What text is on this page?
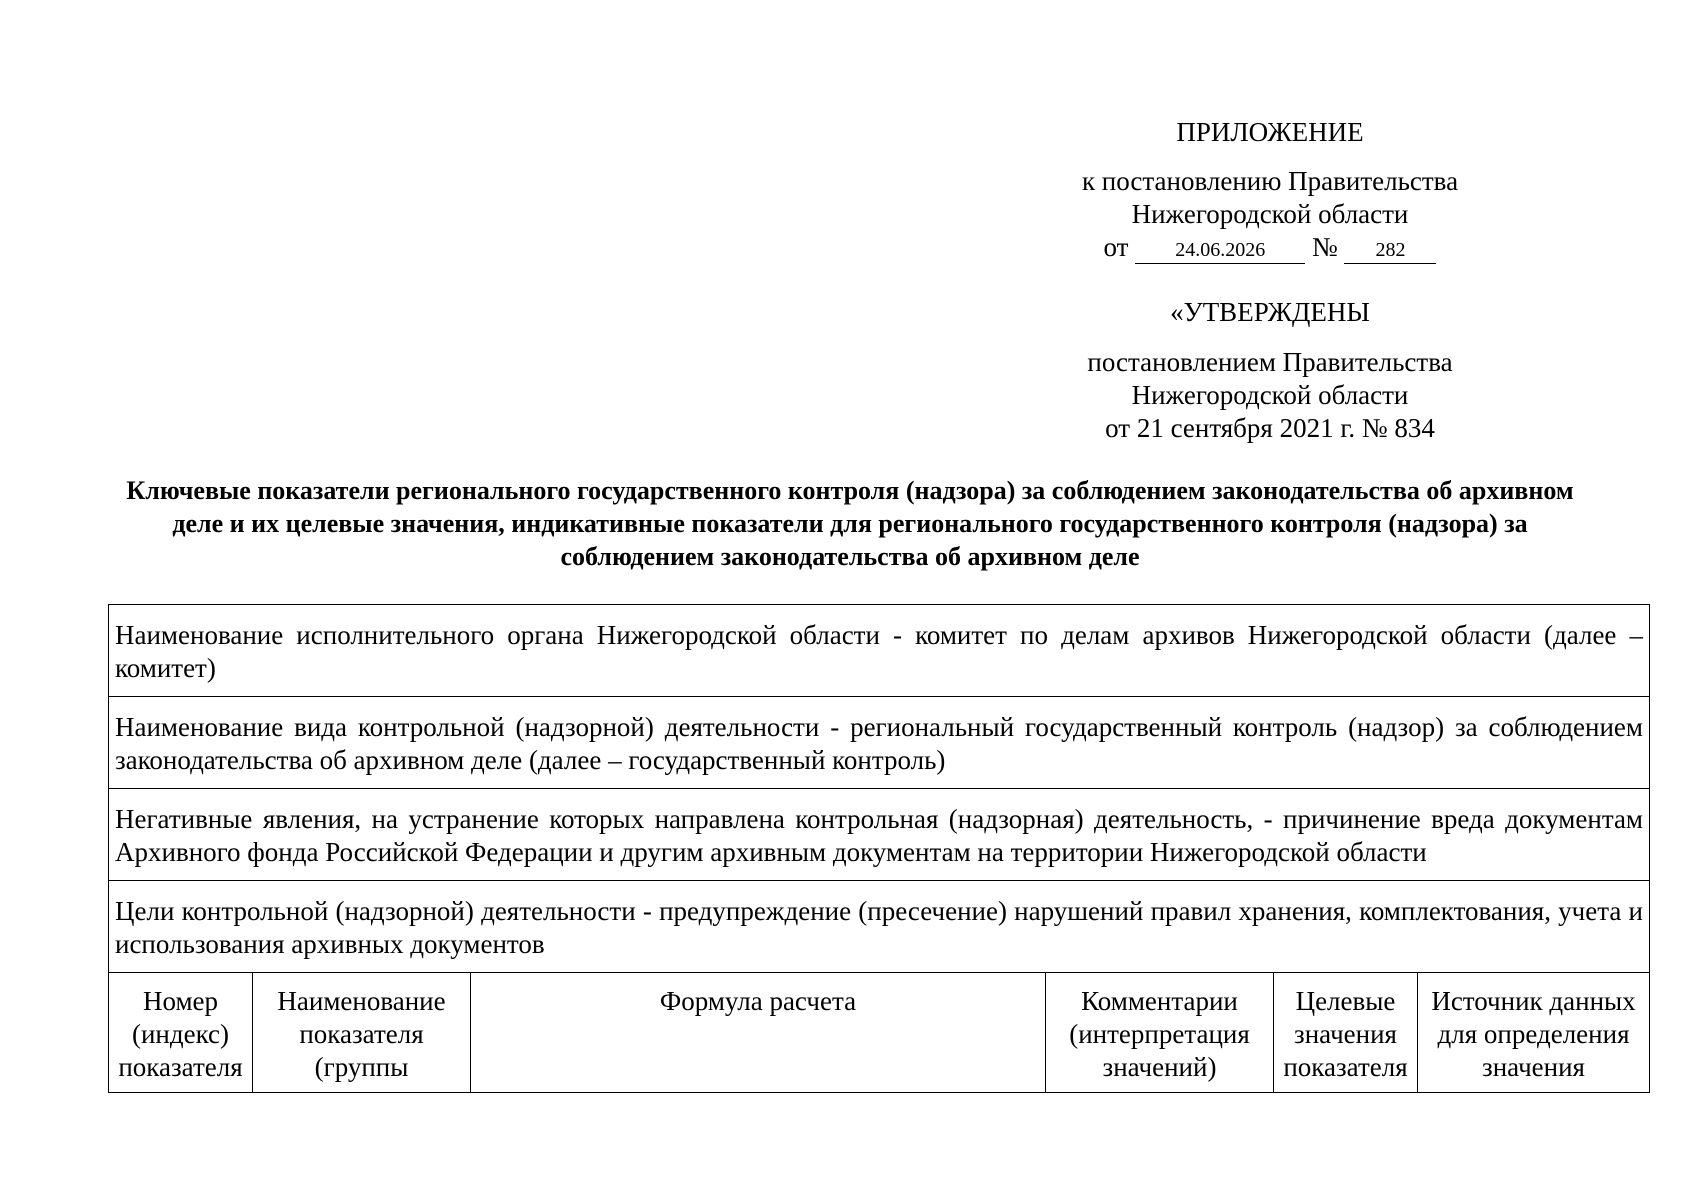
ПРИЛОЖЕНИЕ
к постановлению Правительства
Нижегородской области
от 24.06.2026 № 282
«УТВЕРЖДЕНЫ
постановлением Правительства
Нижегородской области
от 21 сентября 2021 г. № 834
Ключевые показатели регионального государственного контроля (надзора) за соблюдением законодательства об архивном деле и их целевые значения, индикативные показатели для регионального государственного контроля (надзора) за соблюдением законодательства об архивном деле
Наименование исполнительного органа Нижегородской области - комитет по делам архивов Нижегородской области (далее – комитет)
Наименование вида контрольной (надзорной) деятельности - региональный государственный контроль (надзор) за соблюдением законодательства об архивном деле (далее – государственный контроль)
Негативные явления, на устранение которых направлена контрольная (надзорная) деятельность, - причинение вреда документам Архивного фонда Российской Федерации и другим архивным документам на территории Нижегородской области
Цели контрольной (надзорной) деятельности - предупреждение (пресечение) нарушений правил хранения, комплектования, учета и использования архивных документов
Номер (индекс) показателя	Наименование показателя (группы	Формула расчета	Комментарии (интерпретация значений)	Целевые значения показателя	Источник данных для определения значения
